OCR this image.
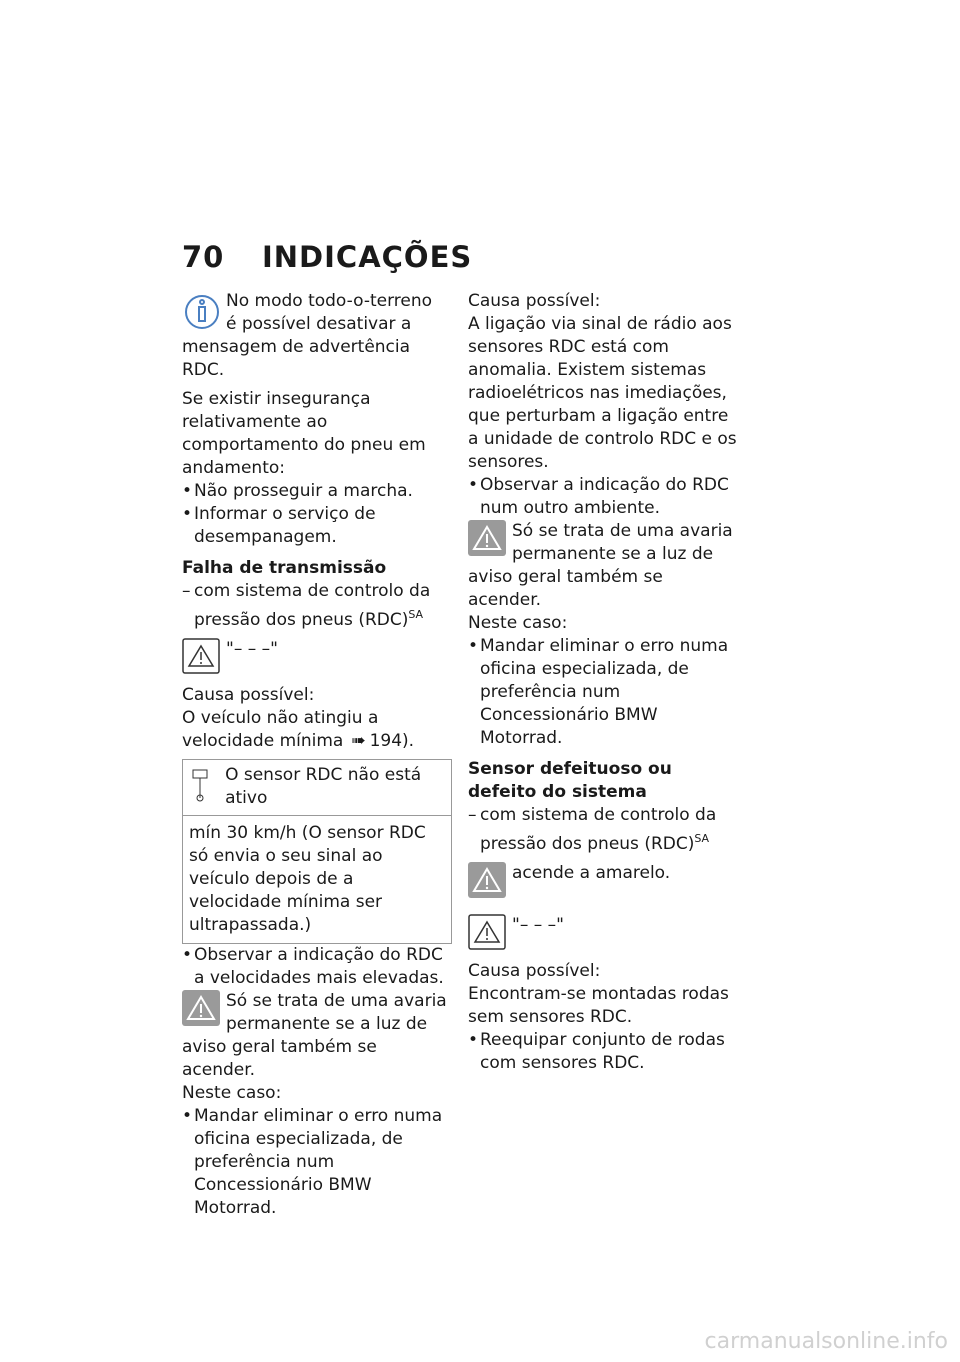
70 INDICAÇÕES

No modo todo-o-terreno

é possível desativar a

mensagem de advertência RDC.

Se existir insegurança relativamente ao comportamento do pneu em andamento:

• Não prosseguir a marcha.

• Informar o serviço de desempanagem.

Falha de transmissão

– com sistema de controlo da pressão dos pneus (RDC)$^{SA}$

"– – –"

Causa possível:

O veículo não atingiu a velocidade mínima ➠ 194).

O sensor RDC não está ativo
mín 30 km/h (O sensor RDC só envia o seu sinal ao veículo depois de a velocidade mínima ser ultrapassada.)

• Observar a indicação do RDC a velocidades mais elevadas.

Só se trata de uma avaria

permanente se a luz de

aviso geral também se acender.

Neste caso:

• Mandar eliminar o erro numa oficina especializada, de preferência num Concessionário BMW Motorrad.

Causa possível:

A ligação via sinal de rádio aos sensores RDC está com anomalia. Existem sistemas radioelétricos nas imediações, que perturbam a ligação entre a unidade de controlo RDC e os sensores.

• Observar a indicação do RDC num outro ambiente.

Só se trata de uma avaria

permanente se a luz de

aviso geral também se acender.

Neste caso:

• Mandar eliminar o erro numa oficina especializada, de preferência num Concessionário BMW Motorrad.

Sensor defeituoso ou defeito do sistema

– com sistema de controlo da pressão dos pneus (RDC)$^{SA}$

acende a amarelo.

"– – –"

Causa possível:

Encontram-se montadas rodas sem sensores RDC.

• Reequipar conjunto de rodas com sensores RDC.

carmanualsonline.info
